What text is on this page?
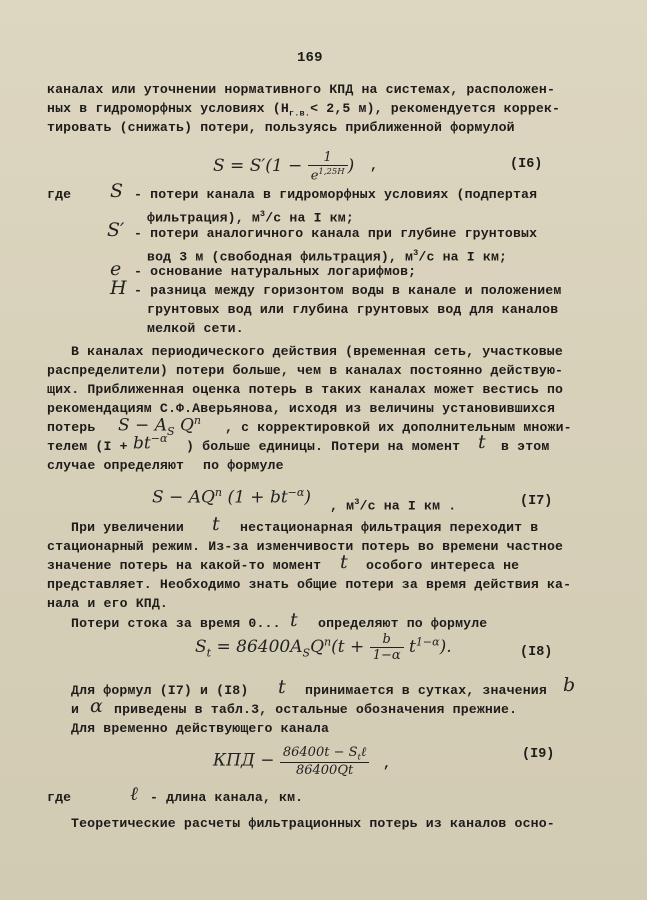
169
каналах или уточнении нормативного КПД на системах, расположен-
ных в гидроморфных условиях ($H_{г.в.}< 2,5$ м), рекомендуется коррек-
тировать (снижать) потери, пользуясь приближенной формулой
$S = S'(1 - \frac{1}{e^{1,25H}}$ ) ,	(I6)
где S - потери канала в гидроморфных условиях (подпертая
фильтрация), $м^3/с$ на I км;
S′ - потери аналогичного канала при глубине грунтовых
вод 3 м (свободная фильтрация), $м^3/с$ на I км;
e - основание натуральных логарифмов;
H - разница между горизонтом воды в канале и положением
грунтовых вод или глубина грунтовых вод для каналов
мелкой сети.
В каналах периодического действия (временная сеть, участковые
распределители) потери больше, чем в каналах постоянно действую-
щих. Приближенная оценка потерь в таких каналах может вестись по
рекомендациям С.Ф.Аверьянова, исходя из величины установившихся
потерь $S - A_S$ $Q^n$ , с корректировкой их дополнительным множи-
телем ($I + bt^{-\alpha}$
) больше единицы. Потери на момент t в этом
случае определяют по формуле
$S - AQ^n$ $(1 + bt^{-\alpha})$ , $м^3/с$ на I км .	(I7)
При увеличении t нестационарная фильтрация переходит в
стационарный режим. Из-за изменчивости потерь во времени частное
значение потерь на какой-то момент t особого интереса не
представляет. Необходимо знать общие потери за время действия ка-
нала и его КПД.
Потери стока за время 0... t определяют по формуле
$S_t = 86400A_SQ^n(t + \frac{b}{1-\alpha} t^{1-\alpha})$.	(I8)
Для формул (I7) и (I8) t принимается в сутках, значения b
и α приведены в табл.3, остальные обозначения прежние.
Для временно действующего канала
КПД − $\frac{86400t - S_t\ell}{86400Qt}$ ,
(I9)
где	ℓ - длина канала, км.
Теоретические расчеты фильтрационных потерь из каналов осно-
